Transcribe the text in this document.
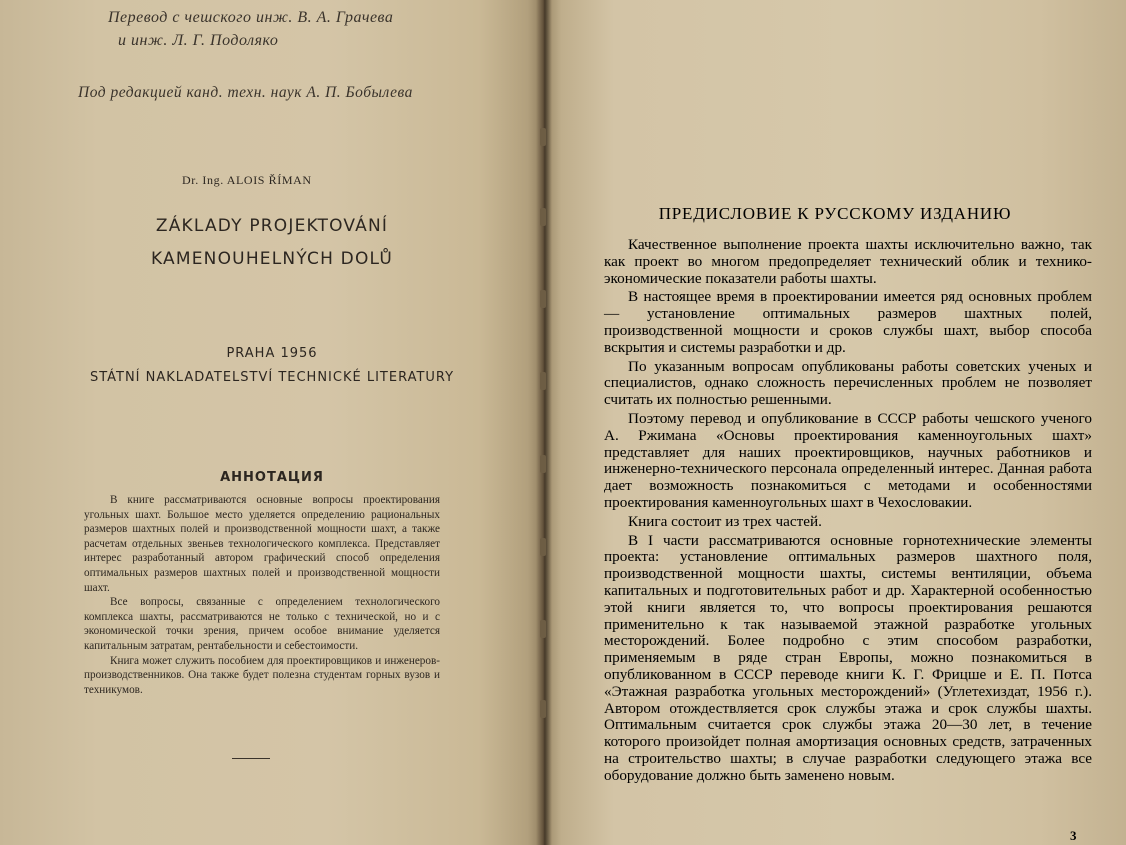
Перевод с чешского инж. В. А. Грачева
и инж. Л. Г. Подоляко
Под редакцией канд. техн. наук А. П. Бобылева
Dr. Ing. ALOIS ŘÍMAN
ZÁKLADY PROJEKTOVÁNÍ
KAMENOUHELNÝCH DOLŮ
PRAHA 1956
STÁTNÍ NAKLADATELSTVÍ TECHNICKÉ LITERATURY
АННОТАЦИЯ

В книге рассматриваются основные вопросы проектирования угольных шахт. Большое место уделяется определению рациональных размеров шахтных полей и производственной мощности шахт, а также расчетам отдельных звеньев технологического комплекса. Представляет интерес разработанный автором графический способ определения оптимальных размеров шахтных полей и производственной мощности шахт.

Все вопросы, связанные с определением технологического комплекса шахты, рассматриваются не только с технической, но и с экономической точки зрения, причем особое внимание уделяется капитальным затратам, рентабельности и себестоимости.

Книга может служить пособием для проектировщиков и инженеров-производственников. Она также будет полезна студентам горных вузов и техникумов.

ПРЕДИСЛОВИЕ К РУССКОМУ ИЗДАНИЮ

Качественное выполнение проекта шахты исключительно важно, так как проект во многом предопределяет технический облик и технико-экономические показатели работы шахты.

В настоящее время в проектировании имеется ряд основных проблем — установление оптимальных размеров шахтных полей, производственной мощности и сроков службы шахт, выбор способа вскрытия и системы разработки и др.

По указанным вопросам опубликованы работы советских ученых и специалистов, однако сложность перечисленных проблем не позволяет считать их полностью решенными.

Поэтому перевод и опубликование в СССР работы чешского ученого А. Ржимана «Основы проектирования каменноугольных шахт» представляет для наших проектировщиков, научных работников и инженерно-технического персонала определенный интерес. Данная работа дает возможность познакомиться с методами и особенностями проектирования каменноугольных шахт в Чехословакии.

Книга состоит из трех частей.

В I части рассматриваются основные горнотехнические элементы проекта: установление оптимальных размеров шахтного поля, производственной мощности шахты, системы вентиляции, объема капитальных и подготовительных работ и др. Характерной особенностью этой книги является то, что вопросы проектирования решаются применительно к так называемой этажной разработке угольных месторождений. Более подробно с этим способом разработки, применяемым в ряде стран Европы, можно познакомиться в опубликованном в СССР переводе книги К. Г. Фрицше и Е. П. Потса «Этажная разработка угольных месторождений» (Углетехиздат, 1956 г.). Автором отождествляется срок службы этажа и срок службы шахты. Оптимальным считается срок службы этажа 20—30 лет, в течение которого произойдет полная амортизация основных средств, затраченных на строительство шахты; в случае разработки следующего этажа все оборудование должно быть заменено новым.

3
